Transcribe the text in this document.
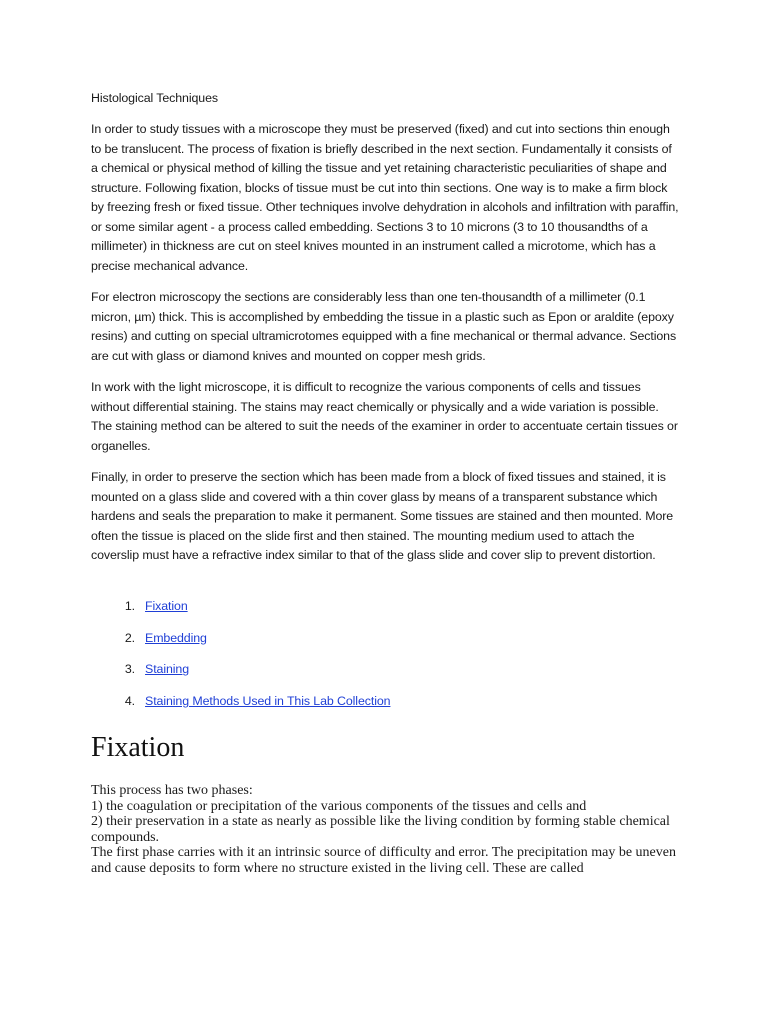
Histological Techniques

In order to study tissues with a microscope they must be preserved (fixed) and cut into sections thin enough to be translucent. The process of fixation is briefly described in the next section. Fundamentally it consists of a chemical or physical method of killing the tissue and yet retaining characteristic peculiarities of shape and structure. Following fixation, blocks of tissue must be cut into thin sections. One way is to make a firm block by freezing fresh or fixed tissue. Other techniques involve dehydration in alcohols and infiltration with paraffin, or some similar agent - a process called embedding. Sections 3 to 10 microns (3 to 10 thousandths of a millimeter) in thickness are cut on steel knives mounted in an instrument called a microtome, which has a precise mechanical advance.

For electron microscopy the sections are considerably less than one ten-thousandth of a millimeter (0.1 micron, µm) thick. This is accomplished by embedding the tissue in a plastic such as Epon or araldite (epoxy resins) and cutting on special ultramicrotomes equipped with a fine mechanical or thermal advance. Sections are cut with glass or diamond knives and mounted on copper mesh grids.

In work with the light microscope, it is difficult to recognize the various components of cells and tissues without differential staining. The stains may react chemically or physically and a wide variation is possible. The staining method can be altered to suit the needs of the examiner in order to accentuate certain tissues or organelles.

Finally, in order to preserve the section which has been made from a block of fixed tissues and stained, it is mounted on a glass slide and covered with a thin cover glass by means of a transparent substance which hardens and seals the preparation to make it permanent. Some tissues are stained and then mounted. More often the tissue is placed on the slide first and then stained. The mounting medium used to attach the coverslip must have a refractive index similar to that of the glass slide and cover slip to prevent distortion.

1. Fixation
2. Embedding
3. Staining
4. Staining Methods Used in This Lab Collection
Fixation

This process has two phases:

1) the coagulation or precipitation of the various components of the tissues and cells and

2) their preservation in a state as nearly as possible like the living condition by forming stable chemical compounds.

The first phase carries with it an intrinsic source of difficulty and error. The precipitation may be uneven and cause deposits to form where no structure existed in the living cell. These are called
